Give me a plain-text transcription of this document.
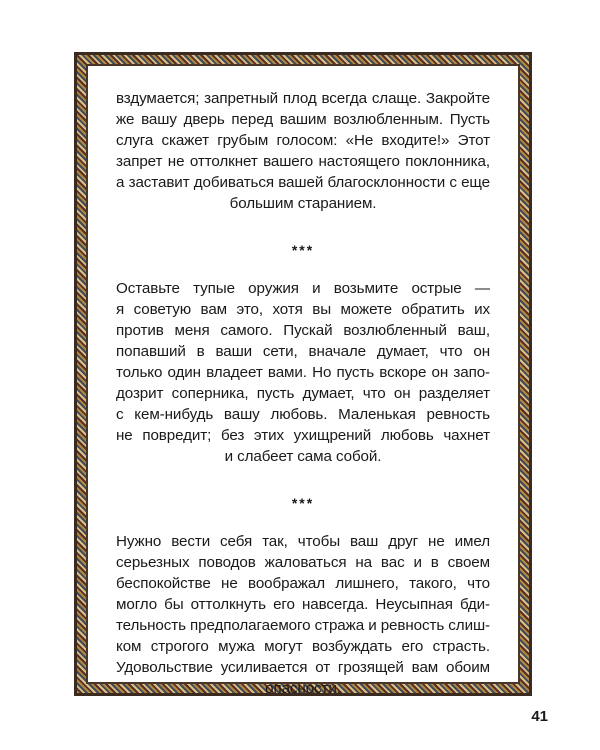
вздумается; запретный плод всегда слаще. Закройте
же вашу дверь перед вашим возлюбленным. Пусть
слуга скажет грубым голосом: «Не входите!» Этот
запрет не оттолкнет вашего настоящего поклонника,
а заставит добиваться вашей благосклонности с еще
большим старанием.

***

Оставьте тупые оружия и возьмите острые —
я советую вам это, хотя вы можете обратить их
против меня самого. Пускай возлюбленный ваш,
попавший в ваши сети, вначале думает, что он
только один владеет вами. Но пусть вскоре он запо-
дозрит соперника, пусть думает, что он разделяет
с кем-нибудь вашу любовь. Маленькая ревность
не повредит; без этих ухищрений любовь чахнет
и слабеет сама собой.

***

Нужно вести себя так, чтобы ваш друг не имел
серьезных поводов жаловаться на вас и в своем
беспокойстве не воображал лишнего, такого, что
могло бы оттолкнуть его навсегда. Неусыпная бди-
тельность предполагаемого стража и ревность слиш-
ком строгого мужа могут возбуждать его страсть.
Удовольствие усиливается от грозящей вам обоим
опасности.

41
